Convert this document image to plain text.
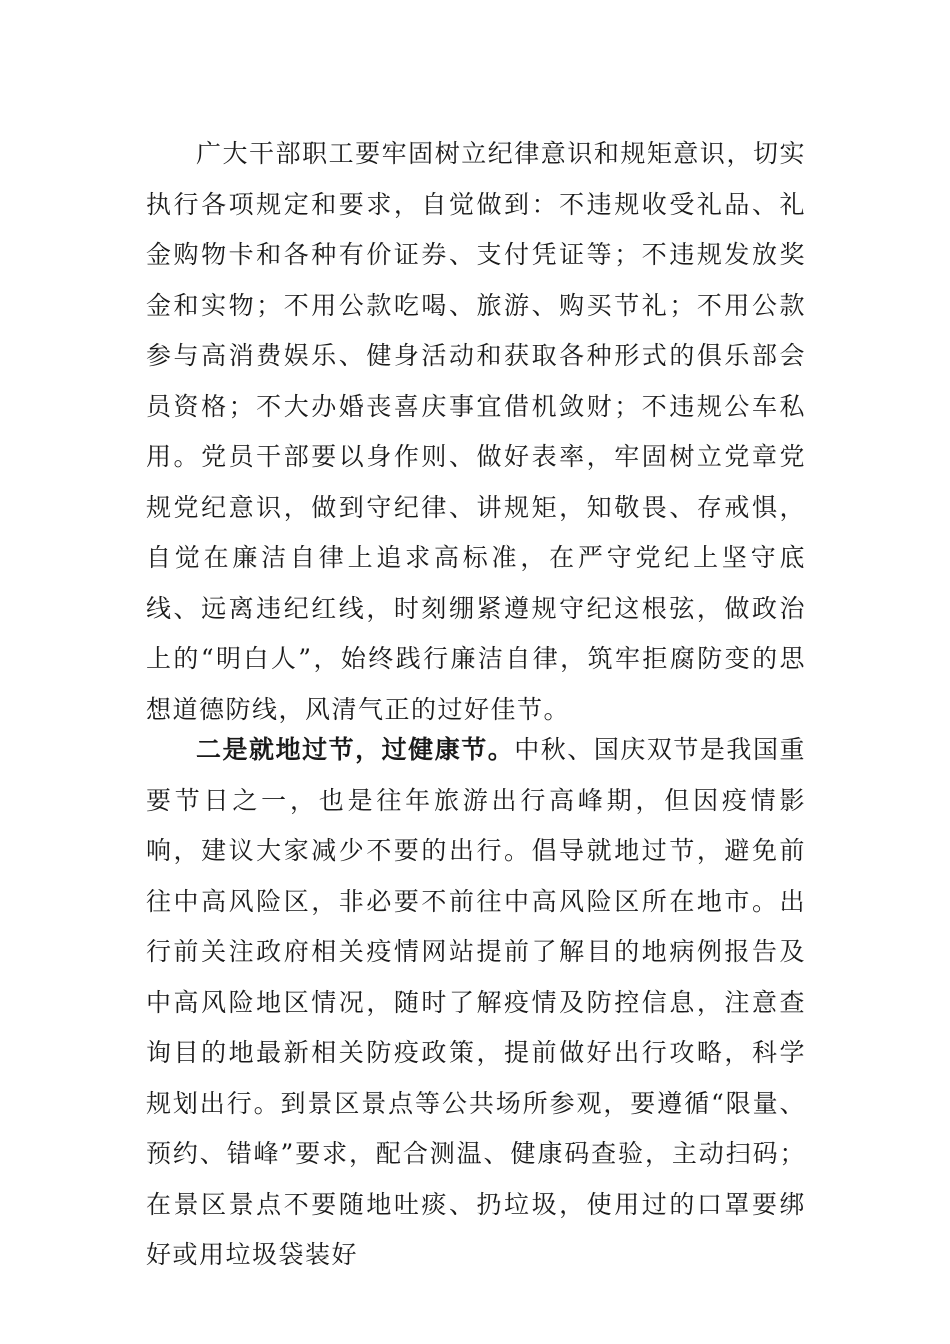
广大干部职工要牢固树立纪律意识和规矩意识，切实执行各项规定和要求，自觉做到：不违规收受礼品、礼金购物卡和各种有价证券、支付凭证等；不违规发放奖金和实物；不用公款吃喝、旅游、购买节礼；不用公款参与高消费娱乐、健身活动和获取各种形式的俱乐部会员资格；不大办婚丧喜庆事宜借机敛财；不违规公车私用。党员干部要以身作则、做好表率，牢固树立党章党规党纪意识，做到守纪律、讲规矩，知敬畏、存戒惧，自觉在廉洁自律上追求高标准，在严守党纪上坚守底线、远离违纪红线，时刻绷紧遵规守纪这根弦，做政治上的“明白人”，始终践行廉洁自律，筑牢拒腐防变的思想道德防线，风清气正的过好佳节。

二是就地过节，过健康节。中秋、国庆双节是我国重要节日之一，也是往年旅游出行高峰期，但因疫情影响，建议大家减少不要的出行。倡导就地过节，避免前往中高风险区，非必要不前往中高风险区所在地市。出行前关注政府相关疫情网站提前了解目的地病例报告及中高风险地区情况，随时了解疫情及防控信息，注意查询目的地最新相关防疫政策，提前做好出行攻略，科学规划出行。到景区景点等公共场所参观，要遵循“限量、预约、错峰”要求，配合测温、健康码查验，主动扫码；在景区景点不要随地吐痰、扔垃圾，使用过的口罩要绑好或用垃圾袋装好
